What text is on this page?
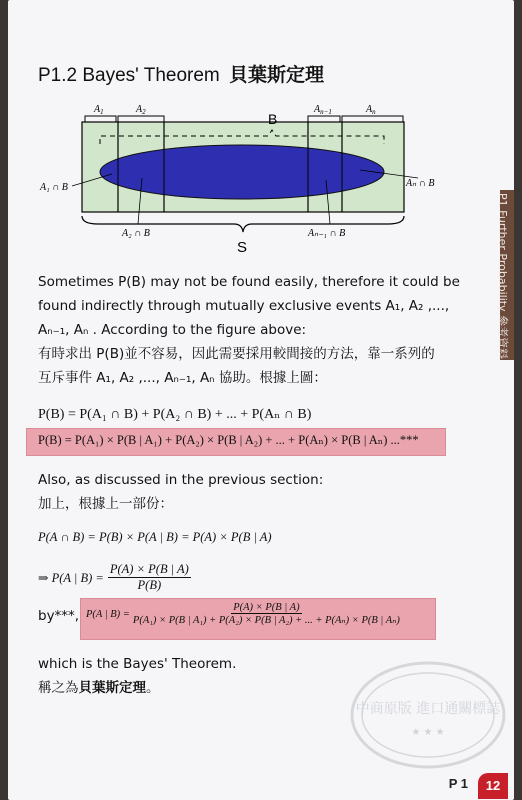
P1.2 Bayes' Theorem 貝葉斯定理
$A_1$	$A_2$	$A_{n-1}$	$A_n$
B
A₁ ∩ B
A₂ ∩ B	Aₙ₋₁ ∩ B
Aₙ ∩ B
S
Sometimes P(B) may not be found easily, therefore it could be
found indirectly through mutually exclusive events A₁, A₂ ,...,
Aₙ₋₁, Aₙ . According to the figure above:
有時求出 P(B)並不容易，因此需要採用較間接的方法，靠一系列的
互斥事件 A₁, A₂ ,..., Aₙ₋₁, Aₙ 協助。根據上圖：
P(B) = P(A₁ ∩ B) + P(A₂ ∩ B) + ... + P(Aₙ ∩ B)
P(B) = P(A₁) × P(B | A₁) + P(A₂) × P(B | A₂) + ... + P(Aₙ) × P(B | Aₙ) ...***
Also, as discussed in the previous section:
加上，根據上一部份：
P(A ∩ B) = P(B) × P(A | B) = P(A) × P(B | A)
⇒ P(A | $B) = \frac{P(A) \times P(B | A)}{P(B)}$
by***, P(A | B) =
P(A) × P(B | A)
P(A₁) × P(B | A₁) + P(A₂) × P(B | A₂) + ... + P(Aₙ) × P(B | Aₙ)
which is the Bayes' Theorem.
稱之為貝葉斯定理。
中商原版 進口通關標誌
★ ★ ★
P1 Further Probability 參考資料
P 1	12
